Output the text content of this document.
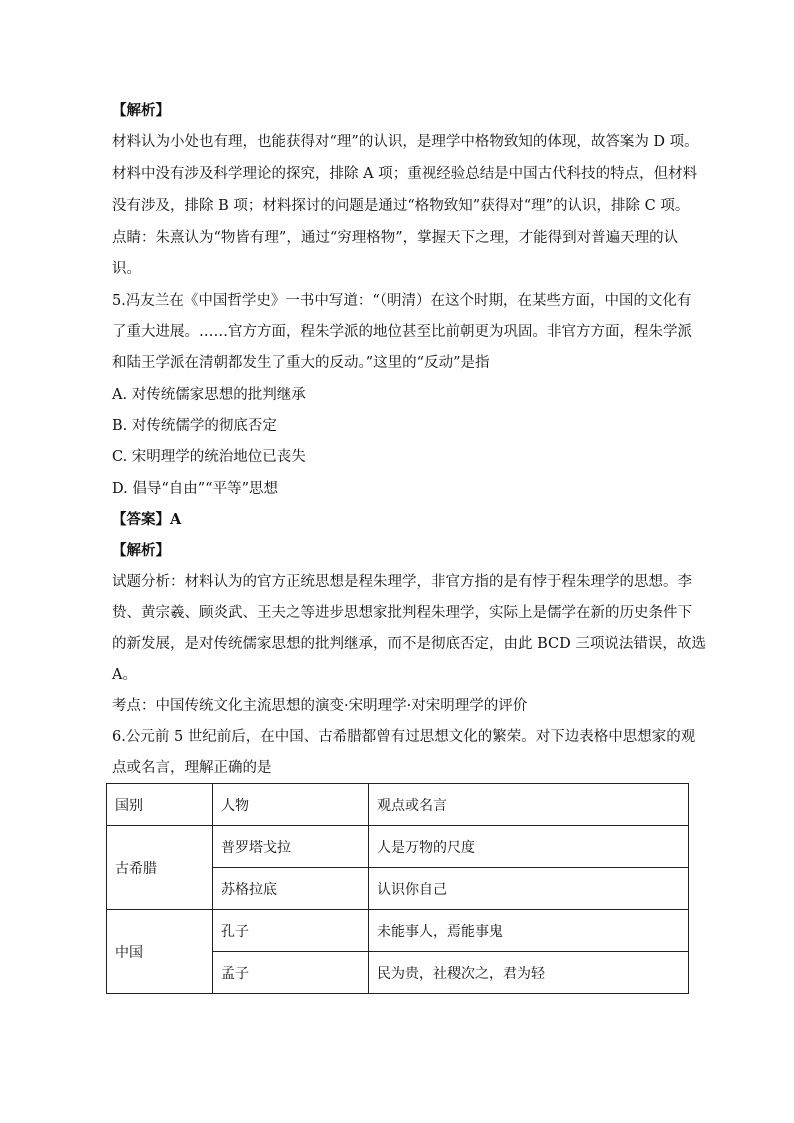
【解析】
材料认为小处也有理，也能获得对“理”的认识，是理学中格物致知的体现，故答案为 D 项。
材料中没有涉及科学理论的探究，排除 A 项；重视经验总结是中国古代科技的特点，但材料
没有涉及，排除 B 项；材料探讨的问题是通过“格物致知”获得对“理”的认识，排除 C 项。
点睛：朱熹认为“物皆有理”，通过“穷理格物”，掌握天下之理，才能得到对普遍天理的认
识。
5.冯友兰在《中国哲学史》一书中写道：“（明清）在这个时期，在某些方面，中国的文化有
了重大进展。……官方方面，程朱学派的地位甚至比前朝更为巩固。非官方方面，程朱学派
和陆王学派在清朝都发生了重大的反动。”这里的“反动”是指
A. 对传统儒家思想的批判继承
B. 对传统儒学的彻底否定
C. 宋明理学的统治地位已丧失
D. 倡导“自由”“平等”思想
【答案】A
【解析】
试题分析：材料认为的官方正统思想是程朱理学，非官方指的是有悖于程朱理学的思想。李
贽、黄宗羲、顾炎武、王夫之等进步思想家批判程朱理学，实际上是儒学在新的历史条件下
的新发展，是对传统儒家思想的批判继承，而不是彻底否定，由此 BCD 三项说法错误，故选
A。
考点：中国传统文化主流思想的演变·宋明理学·对宋明理学的评价
6.公元前 5 世纪前后，在中国、古希腊都曾有过思想文化的繁荣。对下边表格中思想家的观
点或名言，理解正确的是
国别	人物	观点或名言
古希腊	普罗塔戈拉	人是万物的尺度
	苏格拉底	认识你自己
中国	孔子	未能事人，焉能事鬼
	孟子	民为贵，社稷次之，君为轻
